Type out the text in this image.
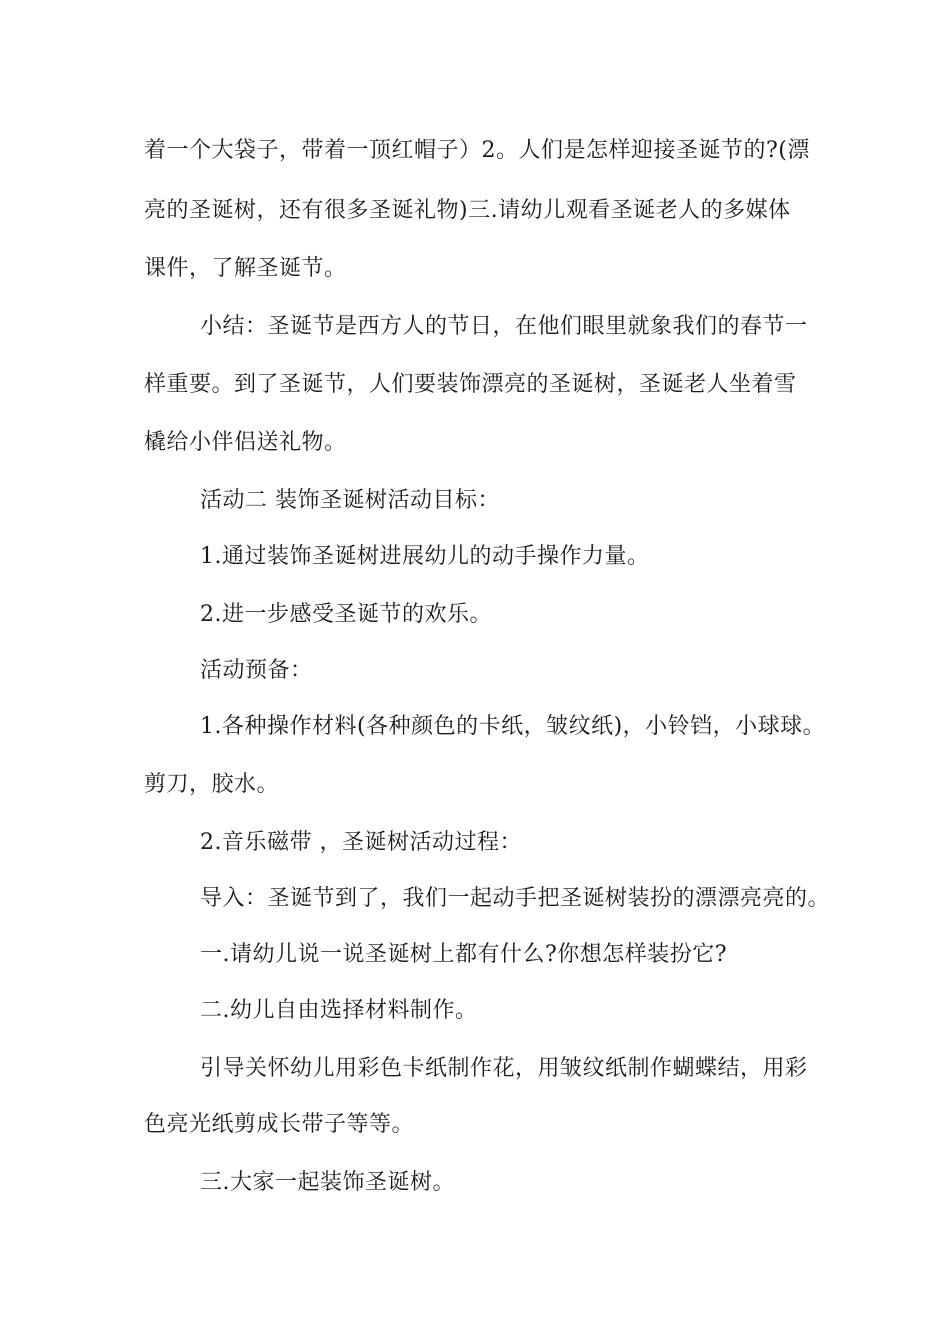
着一个大袋子，带着一顶红帽子）2。人们是怎样迎接圣诞节的?(漂
亮的圣诞树，还有很多圣诞礼物)三.请幼儿观看圣诞老人的多媒体
课件，了解圣诞节。
小结：圣诞节是西方人的节日，在他们眼里就象我们的春节一
样重要。到了圣诞节，人们要装饰漂亮的圣诞树，圣诞老人坐着雪
橇给小伴侣送礼物。
活动二 装饰圣诞树活动目标：
1.通过装饰圣诞树进展幼儿的动手操作力量。
2.进一步感受圣诞节的欢乐。
活动预备：
1.各种操作材料(各种颜色的卡纸，皱纹纸)，小铃铛，小球球。
剪刀，胶水。
2.音乐磁带 ，圣诞树活动过程：
导入：圣诞节到了，我们一起动手把圣诞树装扮的漂漂亮亮的。
一.请幼儿说一说圣诞树上都有什么?你想怎样装扮它?
二.幼儿自由选择材料制作。
引导关怀幼儿用彩色卡纸制作花，用皱纹纸制作蝴蝶结，用彩
色亮光纸剪成长带子等等。
三.大家一起装饰圣诞树。
